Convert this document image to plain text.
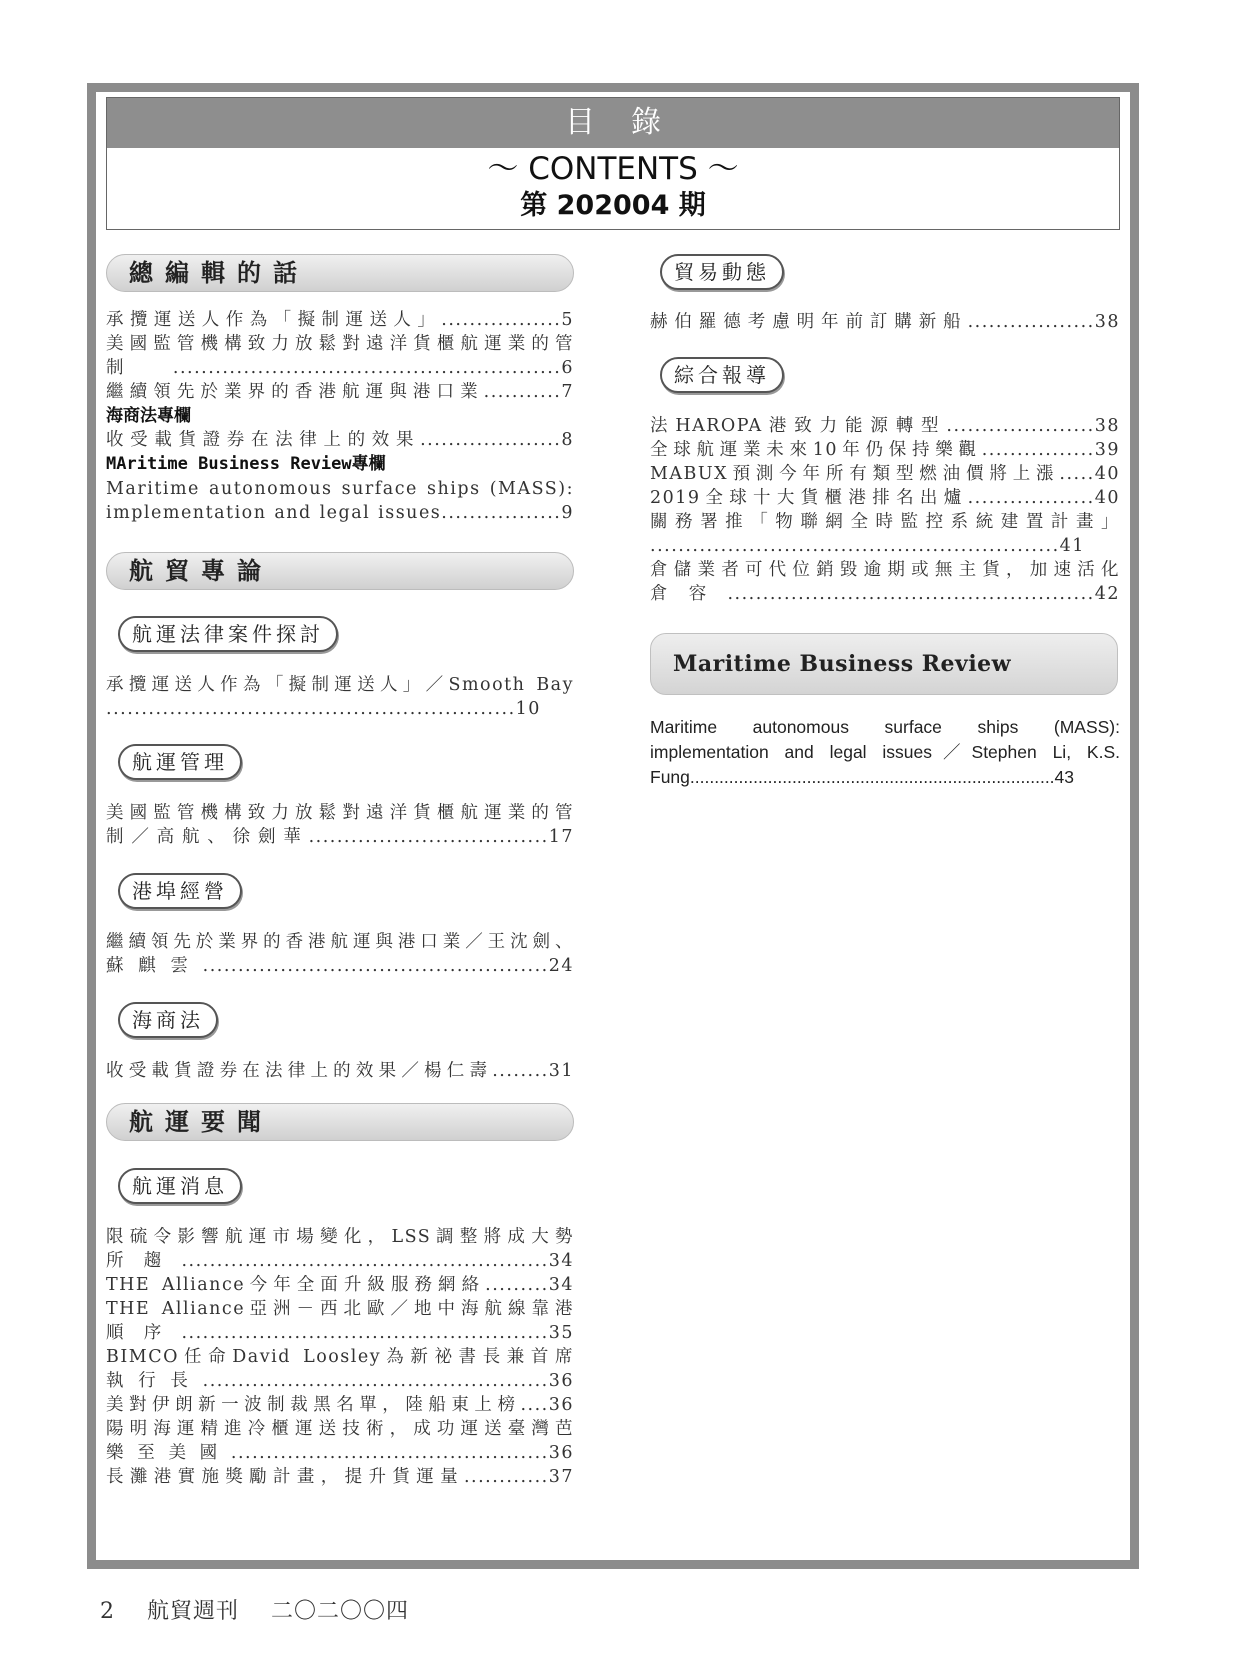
目錄
～ CONTENTS ～
第 202004 期
總編輯的話
承攬運送人作為「擬制運送人」.................5
美國監管機構致力放鬆對遠洋貨櫃航運業的管
制.......................................................6
繼續領先於業界的香港航運與港口業...........7
海商法專欄
收受載貨證券在法律上的效果....................8
MAritime Business Review專欄
Maritime autonomous surface ships (MASS):
implementation and legal issues.................9
航貿專論
航運法律案件探討
承攬運送人作為「擬制運送人」／Smooth Bay
..........................................................10
航運管理
美國監管機構致力放鬆對遠洋貨櫃航運業的管
制／高航、徐劍華..................................17
港埠經營
繼續領先於業界的香港航運與港口業／王沈劍、
蘇麒雲.................................................24
海商法
收受載貨證券在法律上的效果／楊仁壽........31
航運要聞
航運消息
限硫令影響航運市場變化，LSS調整將成大勢
所趨....................................................34
THE Alliance今年全面升級服務網絡.........34
THE Alliance亞洲－西北歐／地中海航線靠港
順序....................................................35
BIMCO任命David Loosley為新祕書長兼首席
執行長.................................................36
美對伊朗新一波制裁黑名單，陸船東上榜....36
陽明海運精進冷櫃運送技術，成功運送臺灣芭
樂至美國.............................................36
長灘港實施獎勵計畫，提升貨運量............37
貿易動態
赫伯羅德考慮明年前訂購新船..................38
綜合報導
法HAROPA港致力能源轉型.....................38
全球航運業未來10年仍保持樂觀................39
MABUX預測今年所有類型燃油價將上漲.....40
2019全球十大貨櫃港排名出爐..................40
關務署推「物聯網全時監控系統建置計畫」
..........................................................41
倉儲業者可代位銷毀逾期或無主貨，加速活化
倉容....................................................42
Maritime Business Review
Maritime autonomous surface ships (MASS):
implementation and legal issues／Stephen Li, K.S.
Fung...........................................................................43
2 航貿週刊 二〇二〇〇四
